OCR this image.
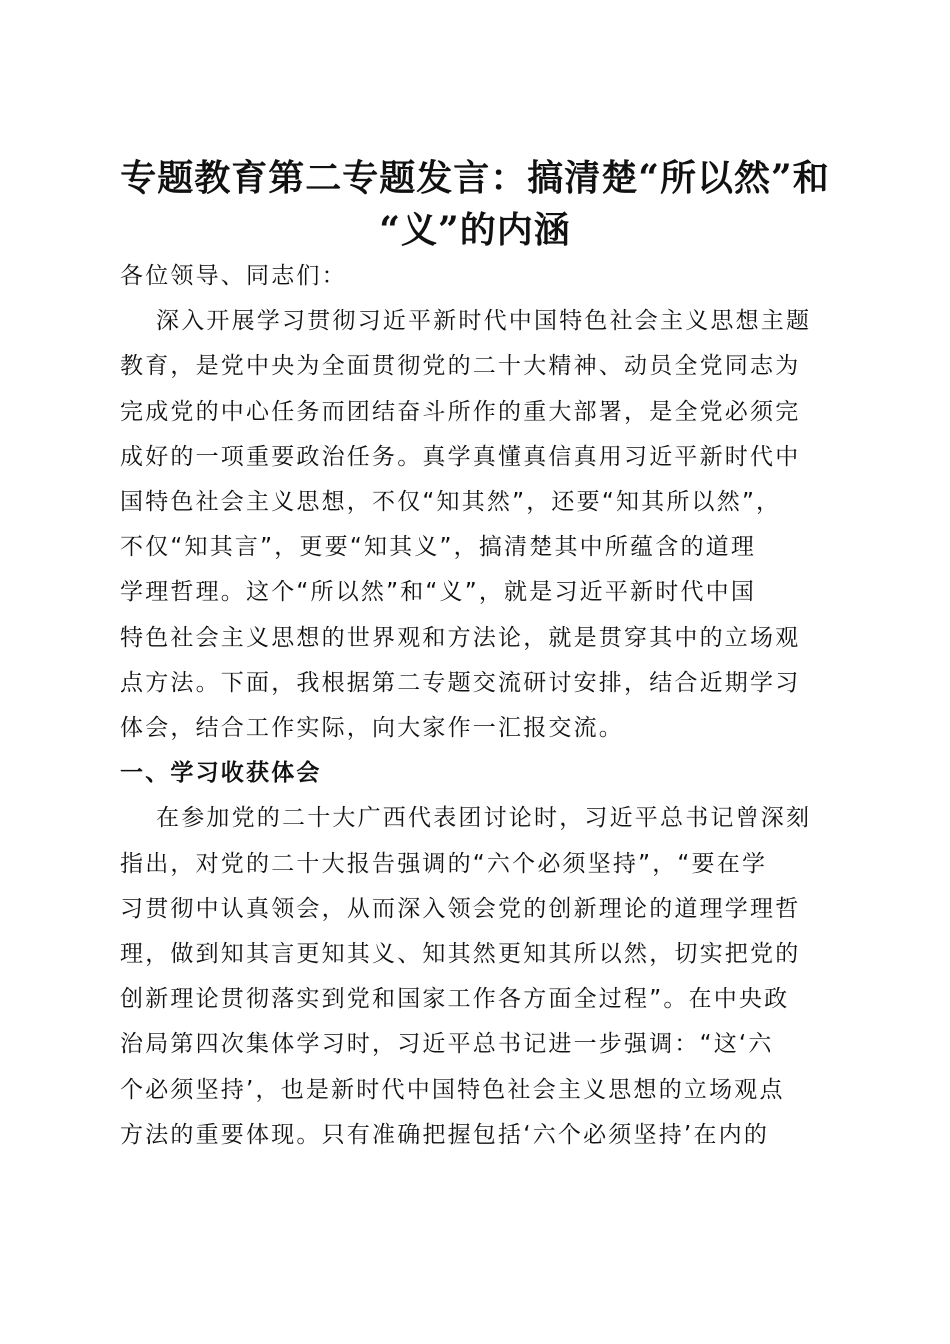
专题教育第二专题发言：搞清楚“所以然”和
“义”的内涵

各位领导、同志们：

深入开展学习贯彻习近平新时代中国特色社会主义思想主题
教育，是党中央为全面贯彻党的二十大精神、动员全党同志为
完成党的中心任务而团结奋斗所作的重大部署，是全党必须完
成好的一项重要政治任务。真学真懂真信真用习近平新时代中
国特色社会主义思想，不仅“知其然”，还要“知其所以然”，
不仅“知其言”，更要“知其义”，搞清楚其中所蕴含的道理
学理哲理。这个“所以然”和“义”，就是习近平新时代中国
特色社会主义思想的世界观和方法论，就是贯穿其中的立场观
点方法。下面，我根据第二专题交流研讨安排，结合近期学习
体会，结合工作实际，向大家作一汇报交流。

一、学习收获体会

在参加党的二十大广西代表团讨论时，习近平总书记曾深刻
指出，对党的二十大报告强调的“六个必须坚持”，“要在学
习贯彻中认真领会，从而深入领会党的创新理论的道理学理哲
理，做到知其言更知其义、知其然更知其所以然，切实把党的
创新理论贯彻落实到党和国家工作各方面全过程”。在中央政
治局第四次集体学习时，习近平总书记进一步强调：“这‘六
个必须坚持’，也是新时代中国特色社会主义思想的立场观点
方法的重要体现。只有准确把握包括‘六个必须坚持’在内的
